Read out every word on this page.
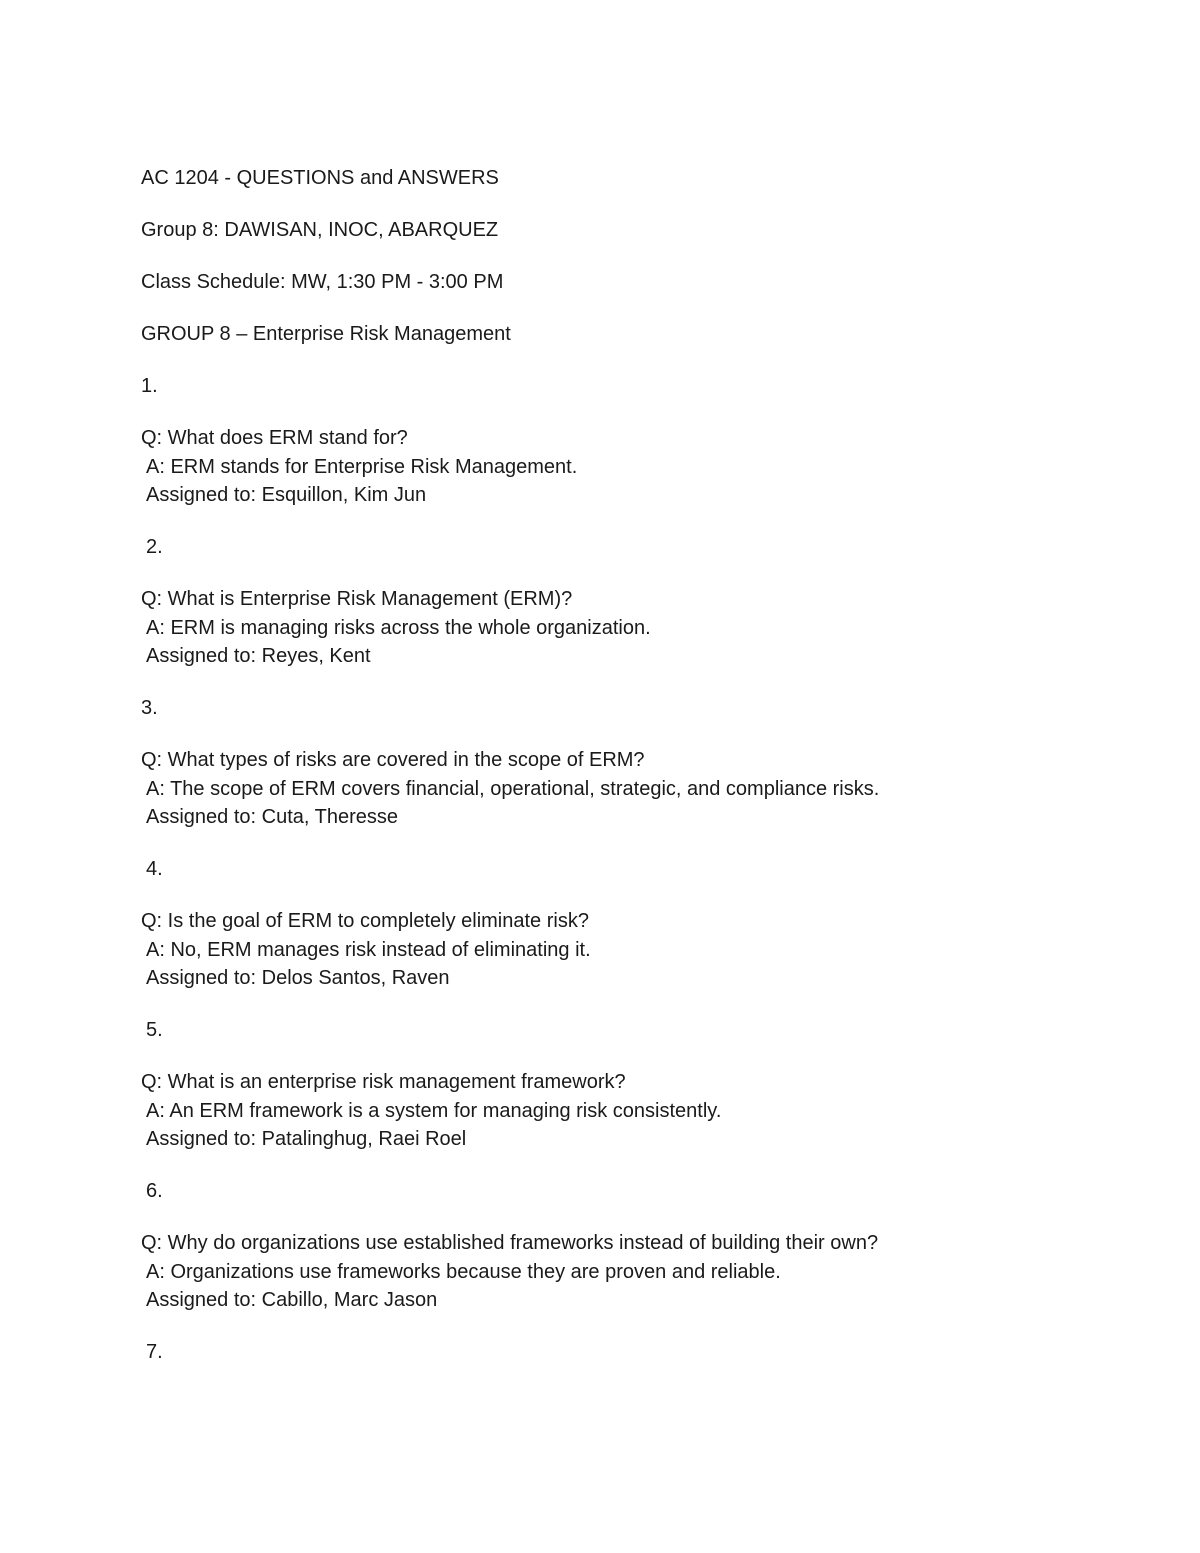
AC 1204 - QUESTIONS and ANSWERS
Group 8: DAWISAN, INOC, ABARQUEZ
Class Schedule: MW, 1:30 PM - 3:00 PM
GROUP 8 – Enterprise Risk Management
1.
Q: What does ERM stand for?
A: ERM stands for Enterprise Risk Management.
Assigned to: Esquillon, Kim Jun
2.
Q: What is Enterprise Risk Management (ERM)?
A: ERM is managing risks across the whole organization.
Assigned to: Reyes, Kent
3.
Q: What types of risks are covered in the scope of ERM?
A: The scope of ERM covers financial, operational, strategic, and compliance risks.
Assigned to: Cuta, Theresse
4.
Q: Is the goal of ERM to completely eliminate risk?
A: No, ERM manages risk instead of eliminating it.
Assigned to: Delos Santos, Raven
5.
Q: What is an enterprise risk management framework?
A: An ERM framework is a system for managing risk consistently.
Assigned to: Patalinghug, Raei Roel
6.
Q: Why do organizations use established frameworks instead of building their own?
A: Organizations use frameworks because they are proven and reliable.
Assigned to: Cabillo, Marc Jason
7.
